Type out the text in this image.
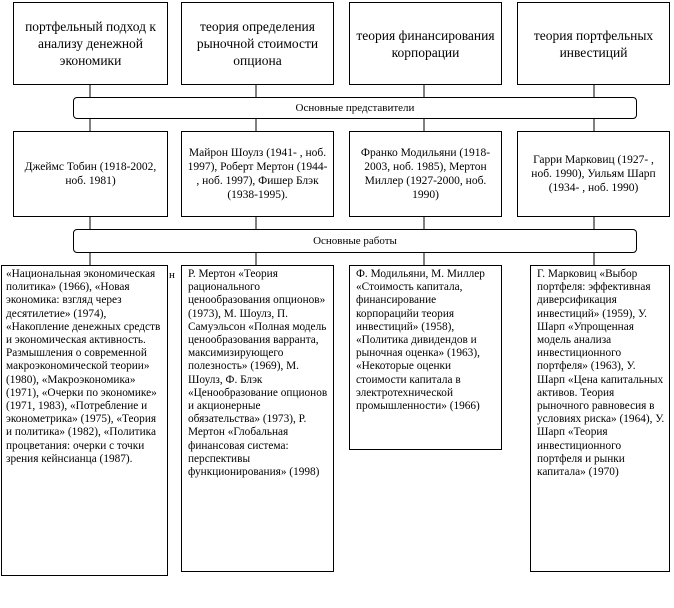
портфельный подход к анализу денежной экономики
теория определения рыночной стоимости опциона
теория финансирования корпорации
теория портфельных инвестиций
Основные представители
Джеймс Тобин (1918-2002, ноб. 1981)
Майрон Шоулз (1941- , ноб. 1997), Роберт Мертон (1944- , ноб. 1997), Фишер Блэк (1938-1995).
Франко Модильяни (1918-2003, ноб. 1985), Мертон Миллер (1927-2000, ноб. 1990)
Гарри Марковиц (1927- , ноб. 1990), Уильям Шарп (1934- , ноб. 1990)
Основные работы
«Национальная экономическая политика» (1966), «Новая экономика: взгляд через десятилетие» (1974), «Накопление денежных средств и экономическая активность. Размышления о современной макроэкономической теории» (1980), «Макроэкономика» (1971), «Очерки по экономике» (1971, 1983), «Потребление и эконометрика» (1975), «Теория и политика» (1982), «Политика процветания: очерки с точки зрения кейнсианца (1987).
н	Р. Мертон «Теория рационального ценообразования опционов» (1973), М. Шоулз, П. Самуэльсон «Полная модель ценообразования варранта, максимизирующего полезность» (1969), М. Шоулз, Ф. Блэк «Ценообразование опционов и акционерные обязательства» (1973), Р. Мертон «Глобальная финансовая система: перспективы функционирования» (1998)
Ф. Модильяни, М. Миллер «Стоимость капитала, финансирование корпорацийи теория инвестиций» (1958), «Политика дивидендов и рыночная оценка» (1963), «Некоторые оценки стоимости капитала в электротехнической промышленности» (1966)
Г. Марковиц «Выбор портфеля: эффективная диверсификация инвестиций» (1959), У. Шарп «Упрощенная модель анализа инвестиционного портфеля» (1963), У. Шарп «Цена капитальных активов. Теория рыночного равновесия в условиях риска» (1964), У. Шарп «Теория инвестиционного портфеля и рынки капитала» (1970)
